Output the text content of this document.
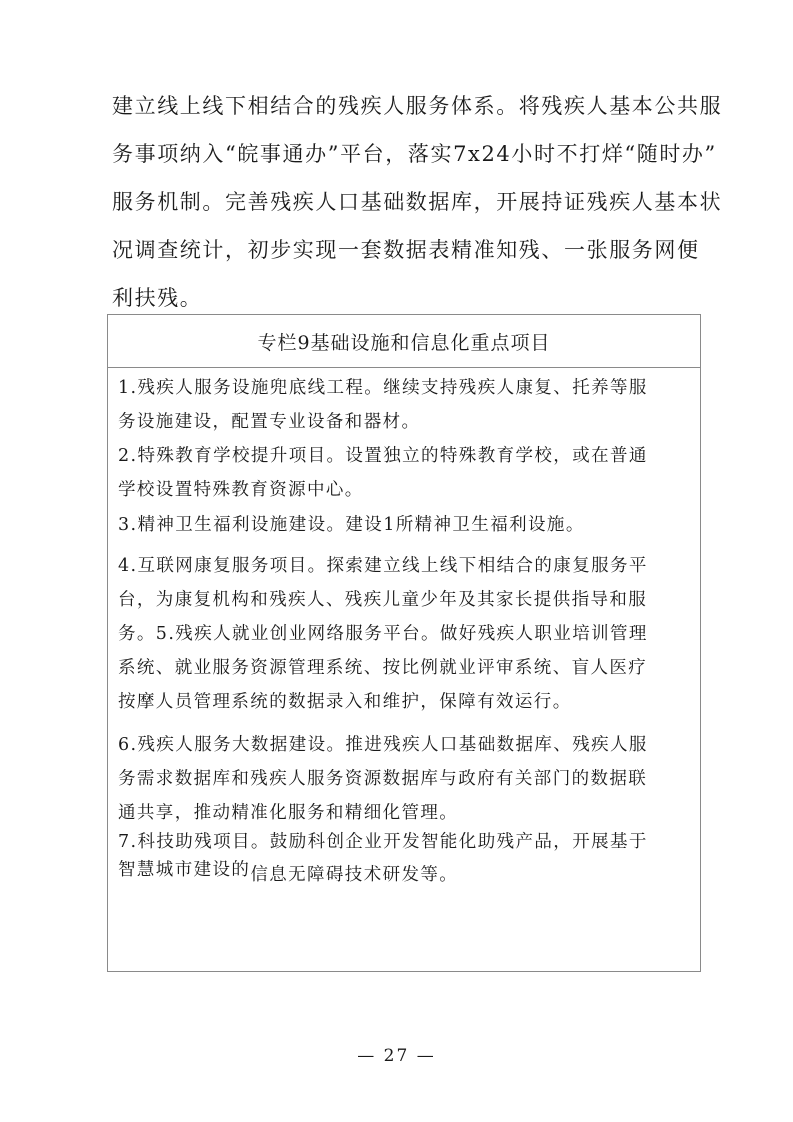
建立线上线下相结合的残疾人服务体系。将残疾人基本公共服
务事项纳入“皖事通办”平台，落实7x24小时不打烊“随时办”
服务机制。完善残疾人口基础数据库，开展持证残疾人基本状
况调查统计，初步实现一套数据表精准知残、一张服务网便
利扶残。
专栏9基础设施和信息化重点项目
1.残疾人服务设施兜底线工程。继续支持残疾人康复、托养等服
务设施建设，配置专业设备和器材。
2.特殊教育学校提升项目。设置独立的特殊教育学校，或在普通
学校设置特殊教育资源中心。
3.精神卫生福利设施建设。建设1所精神卫生福利设施。
4.互联网康复服务项目。探索建立线上线下相结合的康复服务平
台，为康复机构和残疾人、残疾儿童少年及其家长提供指导和服
务。5.残疾人就业创业网络服务平台。做好残疾人职业培训管理
系统、就业服务资源管理系统、按比例就业评审系统、盲人医疗
按摩人员管理系统的数据录入和维护，保障有效运行。
6.残疾人服务大数据建设。推进残疾人口基础数据库、残疾人服
务需求数据库和残疾人服务资源数据库与政府有关部门的数据联
通共享，推动精准化服务和精细化管理。
7.科技助残项目。鼓励科创企业开发智能化助残产品，开展基于
智慧城市建设的信息无障碍技术研发等。
— 27 —
